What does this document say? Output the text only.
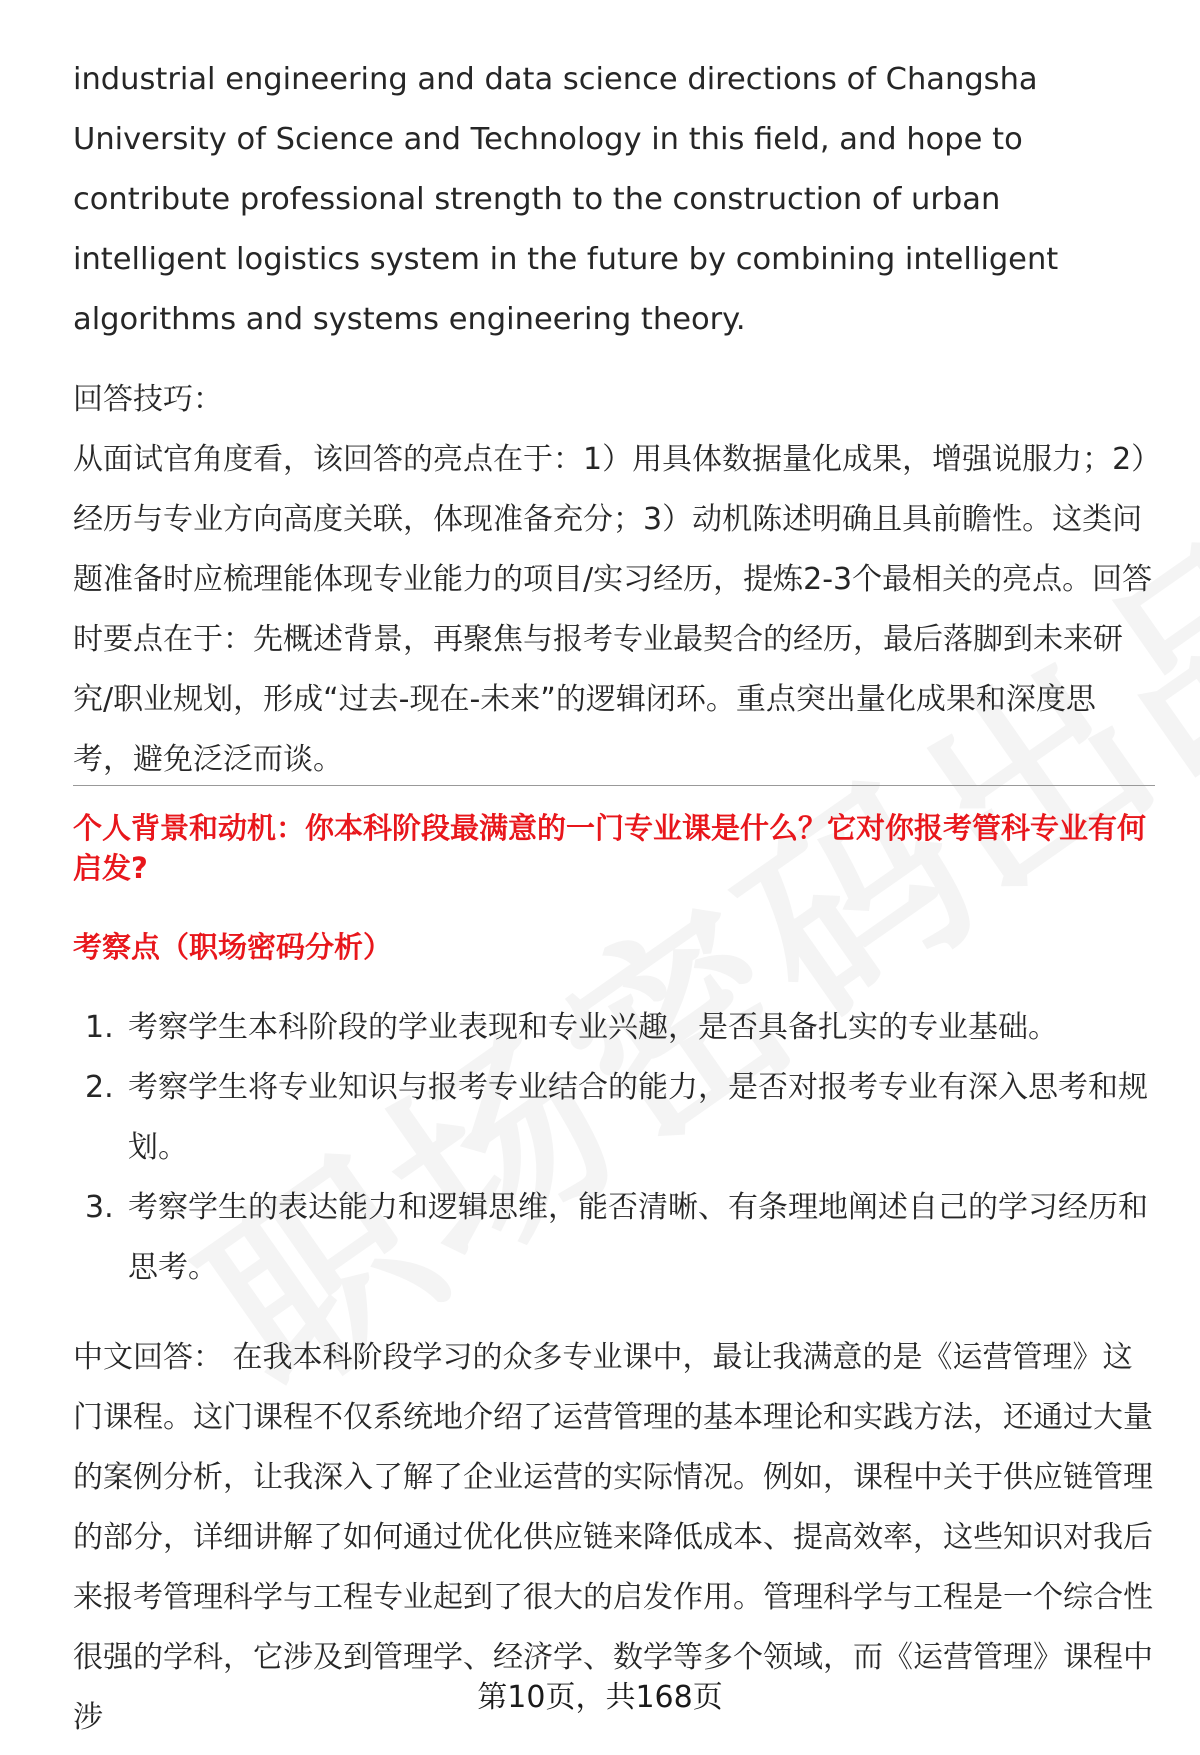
industrial engineering and data science directions of Changsha University of Science and Technology in this field, and hope to contribute professional strength to the construction of urban intelligent logistics system in the future by combining intelligent algorithms and systems engineering theory.

回答技巧：

从面试官角度看，该回答的亮点在于：1）用具体数据量化成果，增强说服力；2）经历与专业方向高度关联，体现准备充分；3）动机陈述明确且具前瞻性。这类问题准备时应梳理能体现专业能力的项目/实习经历，提炼2-3个最相关的亮点。回答时要点在于：先概述背景，再聚焦与报考专业最契合的经历，最后落脚到未来研究/职业规划，形成“过去-现在-未来”的逻辑闭环。重点突出量化成果和深度思考，避免泛泛而谈。

个人背景和动机：你本科阶段最满意的一门专业课是什么？它对你报考管科专业有何启发?

考察点（职场密码分析）

1. 考察学生本科阶段的学业表现和专业兴趣，是否具备扎实的专业基础。
2. 考察学生将专业知识与报考专业结合的能力，是否对报考专业有深入思考和规划。
3. 考察学生的表达能力和逻辑思维，能否清晰、有条理地阐述自己的学习经历和思考。

中文回答： 在我本科阶段学习的众多专业课中，最让我满意的是《运营管理》这门课程。这门课程不仅系统地介绍了运营管理的基本理论和实践方法，还通过大量的案例分析，让我深入了解了企业运营的实际情况。例如，课程中关于供应链管理的部分，详细讲解了如何通过优化供应链来降低成本、提高效率，这些知识对我后来报考管理科学与工程专业起到了很大的启发作用。管理科学与工程是一个综合性很强的学科，它涉及到管理学、经济学、数学等多个领域，而《运营管理》课程中涉

第10页，共168页
